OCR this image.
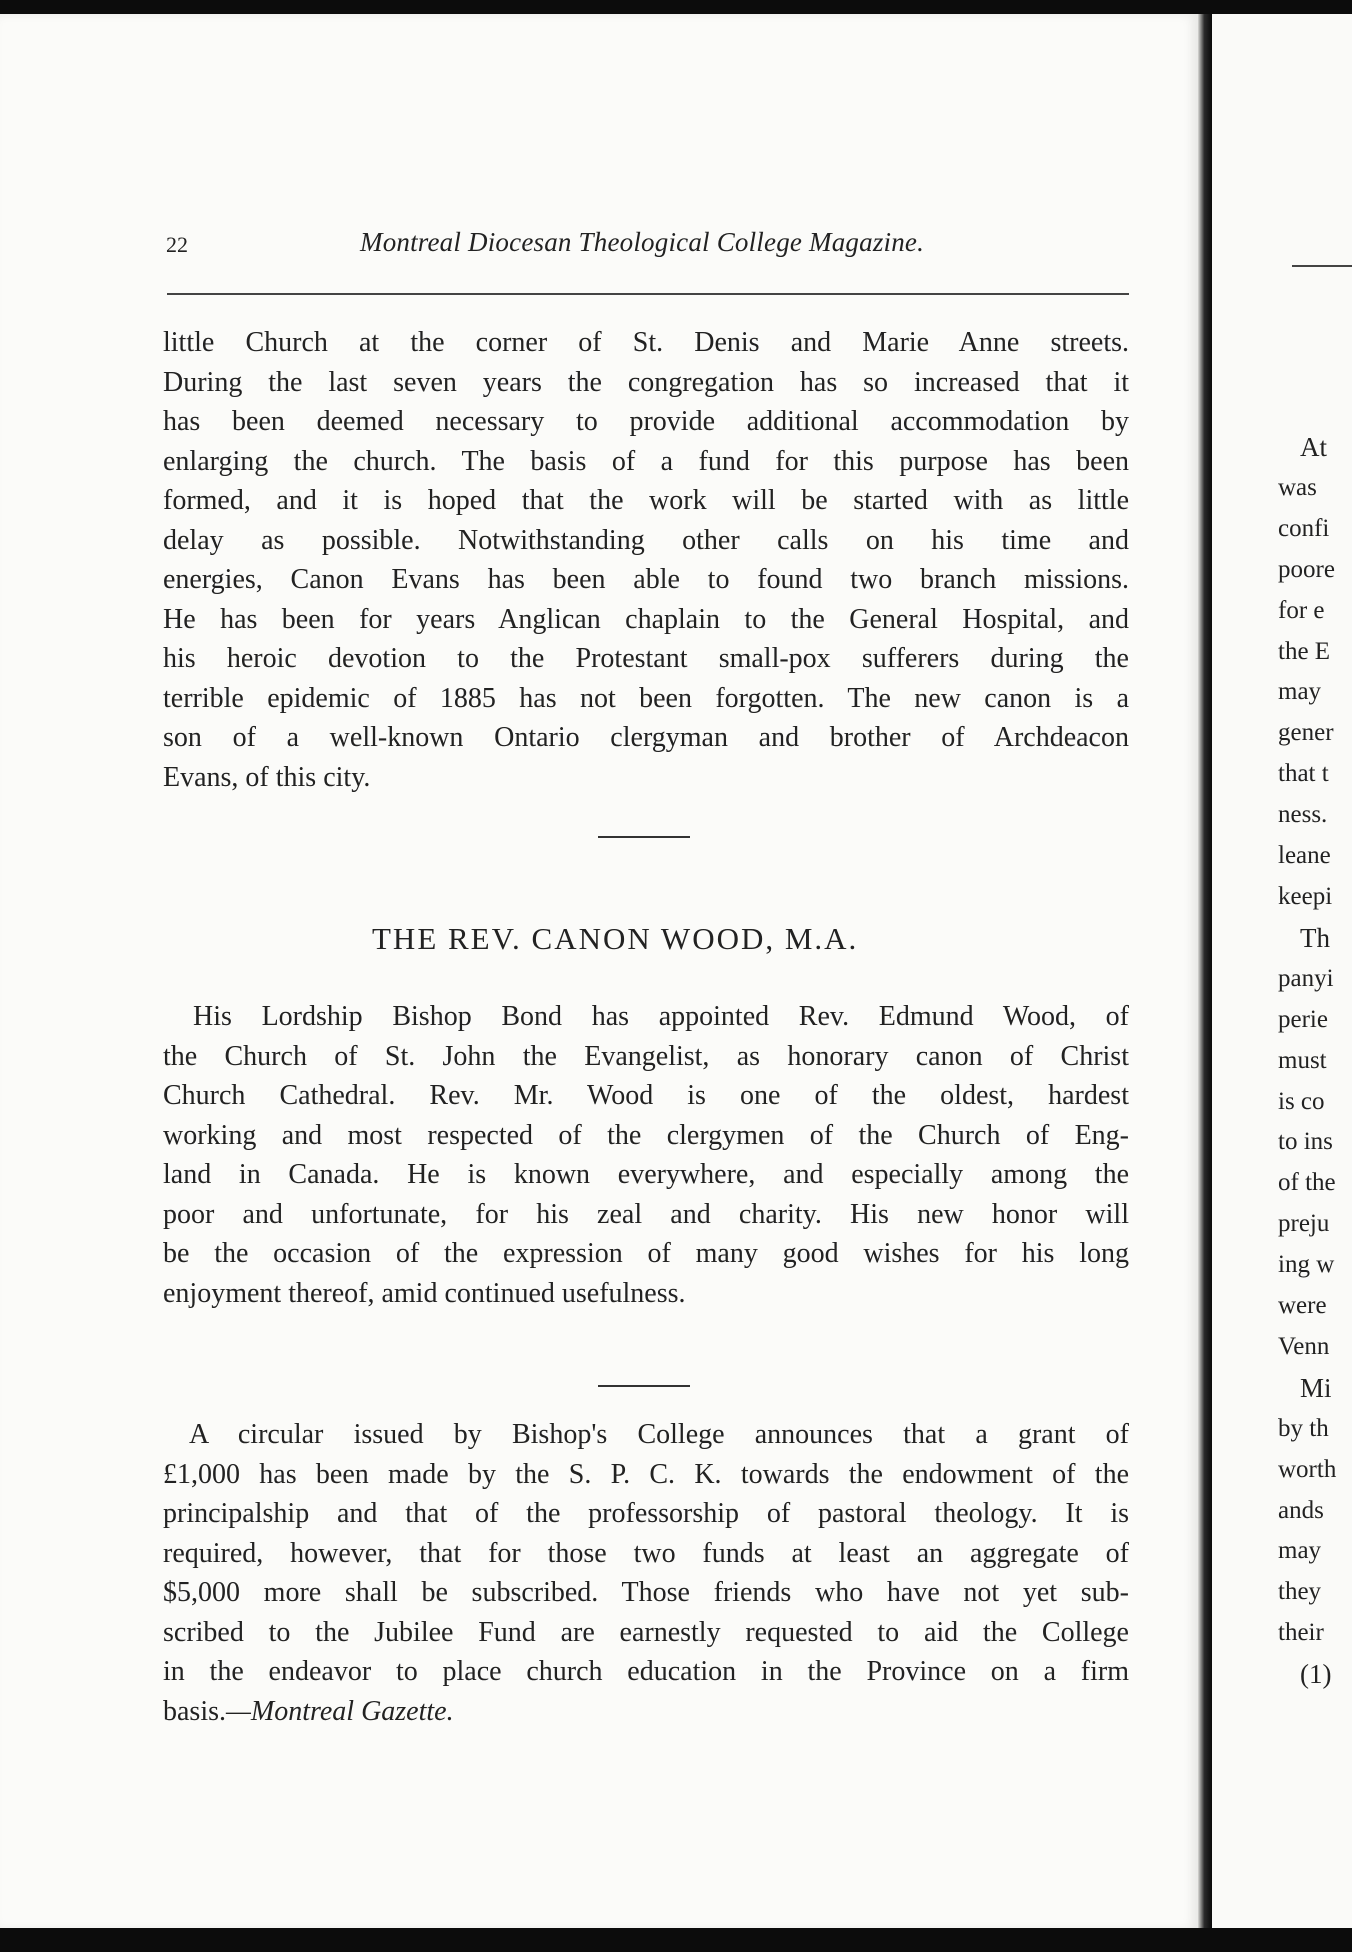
22	Montreal Diocesan Theological College Magazine.
little Church at the corner of St. Denis and Marie Anne streets.
During the last seven years the congregation has so increased that it
has been deemed necessary to provide additional accommodation by
enlarging the church. The basis of a fund for this purpose has been
formed, and it is hoped that the work will be started with as little
delay as possible. Notwithstanding other calls on his time and
energies, Canon Evans has been able to found two branch missions.
He has been for years Anglican chaplain to the General Hospital, and
his heroic devotion to the Protestant small-pox sufferers during the
terrible epidemic of 1885 has not been forgotten. The new canon is a
son of a well-known Ontario clergyman and brother of Archdeacon
Evans, of this city.
THE REV. CANON WOOD, M.A.
His Lordship Bishop Bond has appointed Rev. Edmund Wood, of
the Church of St. John the Evangelist, as honorary canon of Christ
Church Cathedral. Rev. Mr. Wood is one of the oldest, hardest
working and most respected of the clergymen of the Church of Eng-
land in Canada. He is known everywhere, and especially among the
poor and unfortunate, for his zeal and charity. His new honor will
be the occasion of the expression of many good wishes for his long
enjoyment thereof, amid continued usefulness.
A circular issued by Bishop's College announces that a grant of
£1,000 has been made by the S. P. C. K. towards the endowment of the
principalship and that of the professorship of pastoral theology. It is
required, however, that for those two funds at least an aggregate of
$5,000 more shall be subscribed. Those friends who have not yet sub-
scribed to the Jubilee Fund are earnestly requested to aid the College
in the endeavor to place church education in the Province on a firm
basis.—Montreal Gazette.
At
was
confi
poore
for e
the E
may
gener
that t
ness.
leane
keepi
Th
panyi
perie
must
is co
to ins
of the
preju
ing w
were
Venn
Mi
by th
worth
ands
may
they
their
(1)
